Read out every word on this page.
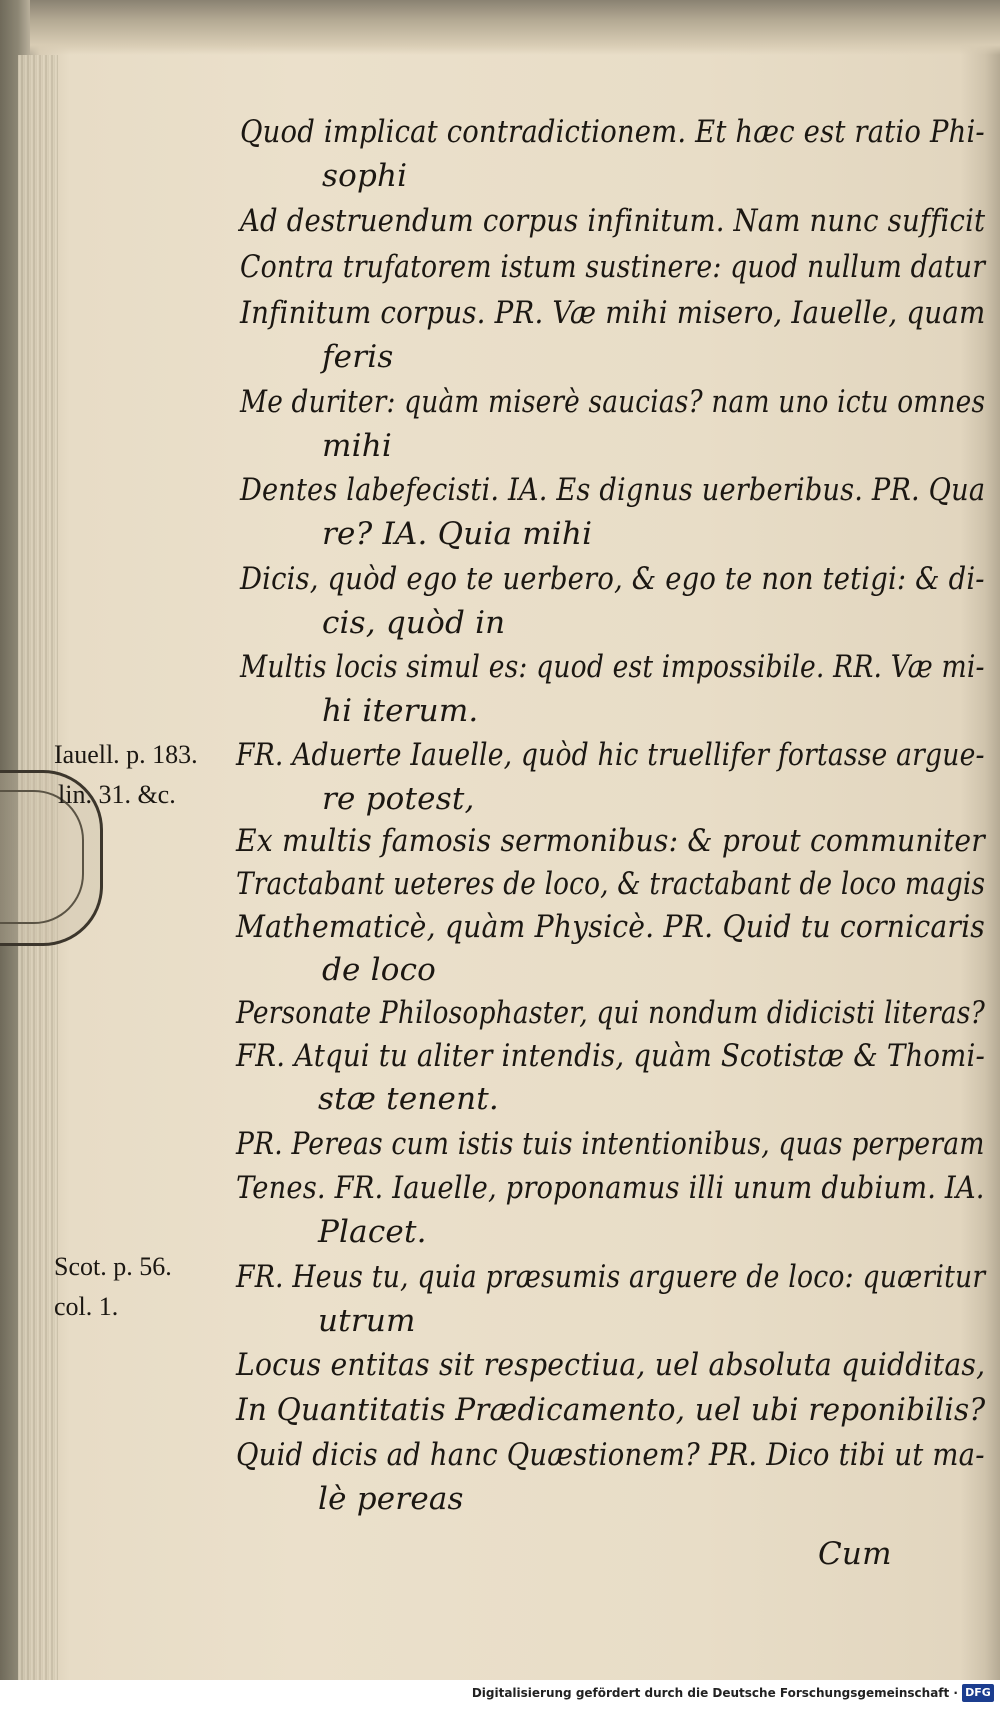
Quod implicat contradictionem. Et hæc est ratio Phi-
sophi
Ad destruendum corpus infinitum. Nam nunc sufficit
Contra trufatorem istum sustinere: quod nullum datur
Infinitum corpus. PR. Væ mihi misero, Iauelle, quam
feris
Me duriter: quàm miserè saucias? nam uno ictu omnes
mihi
Dentes labefecisti. IA. Es dignus uerberibus. PR. Qua
re? IA. Quia mihi
Dicis, quòd ego te uerbero, & ego te non tetigi: & di-
cis, quòd in
Multis locis simul es: quod est impossibile. RR. Væ mi-
hi iterum.
FR. Aduerte Iauelle, quòd hic truellifer fortasse argue-
re potest,
Ex multis famosis sermonibus: & prout communiter
Tractabant ueteres de loco, & tractabant de loco magis
Mathematicè, quàm Physicè. PR. Quid tu cornicaris
de loco
Personate Philosophaster, qui nondum didicisti literas?
FR. Atqui tu aliter intendis, quàm Scotistæ & Thomi-
stæ tenent.
PR. Pereas cum istis tuis intentionibus, quas perperam
Tenes. FR. Iauelle, proponamus illi unum dubium. IA.
Placet.
FR. Heus tu, quia præsumis arguere de loco: quæritur
utrum
Locus entitas sit respectiua, uel absoluta quidditas,
In Quantitatis Prædicamento, uel ubi reponibilis?
Quid dicis ad hanc Quæstionem? PR. Dico tibi ut ma-
lè pereas
Cum
Iauell. p. 183.
lin. 31. &c.
Scot. p. 56.
col. 1.
Digitalisierung gefördert durch die Deutsche Forschungsgemeinschaft · DFG
